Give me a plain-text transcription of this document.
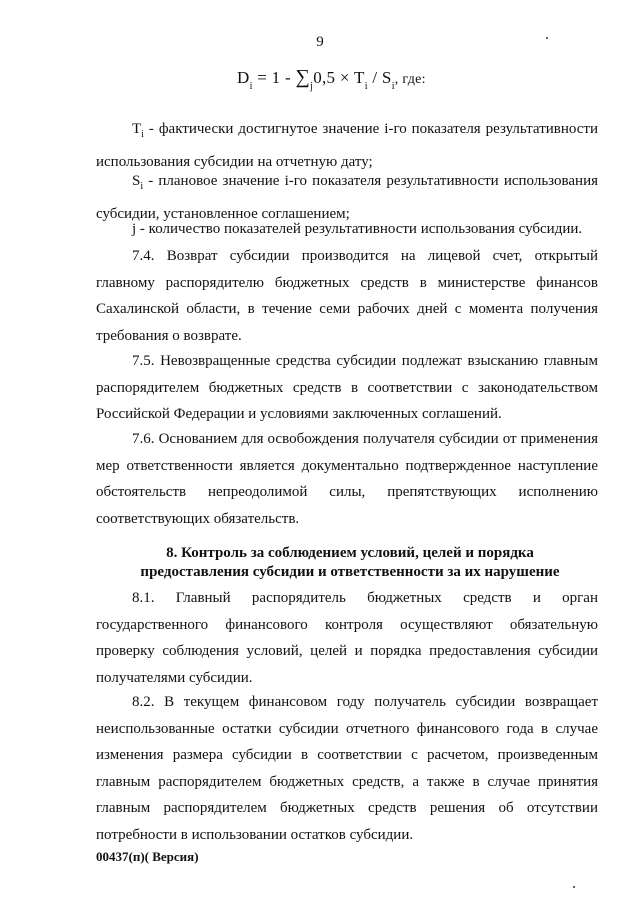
9
$D_i = 1 - \sum_j0,5 \times T_i / S_i$, где:
$T_i$ - фактически достигнутое значение i-го показателя результативности использования субсидии на отчетную дату;
$S_i$ - плановое значение i-го показателя результативности использования субсидии, установленное соглашением;
j - количество показателей результативности использования субсидии.
7.4. Возврат субсидии производится на лицевой счет, открытый главному распорядителю бюджетных средств в министерстве финансов Сахалинской области, в течение семи рабочих дней с момента получения требования о возврате.
7.5. Невозвращенные средства субсидии подлежат взысканию главным распорядителем бюджетных средств в соответствии с законодательством Российской Федерации и условиями заключенных соглашений.
7.6. Основанием для освобождения получателя субсидии от применения мер ответственности является документально подтвержденное наступление обстоятельств непреодолимой силы, препятствующих исполнению соответствующих обязательств.
8. Контроль за соблюдением условий, целей и порядка предоставления субсидии и ответственности за их нарушение
8.1. Главный распорядитель бюджетных средств и орган государственного финансового контроля осуществляют обязательную проверку соблюдения условий, целей и порядка предоставления субсидии получателями субсидии.
8.2. В текущем финансовом году получатель субсидии возвращает неиспользованные остатки субсидии отчетного финансового года в случае изменения размера субсидии в соответствии с расчетом, произведенным главным распорядителем бюджетных средств, а также в случае принятия главным распорядителем бюджетных средств решения об отсутствии потребности в использовании остатков субсидии.
00437(п)( Версия)
